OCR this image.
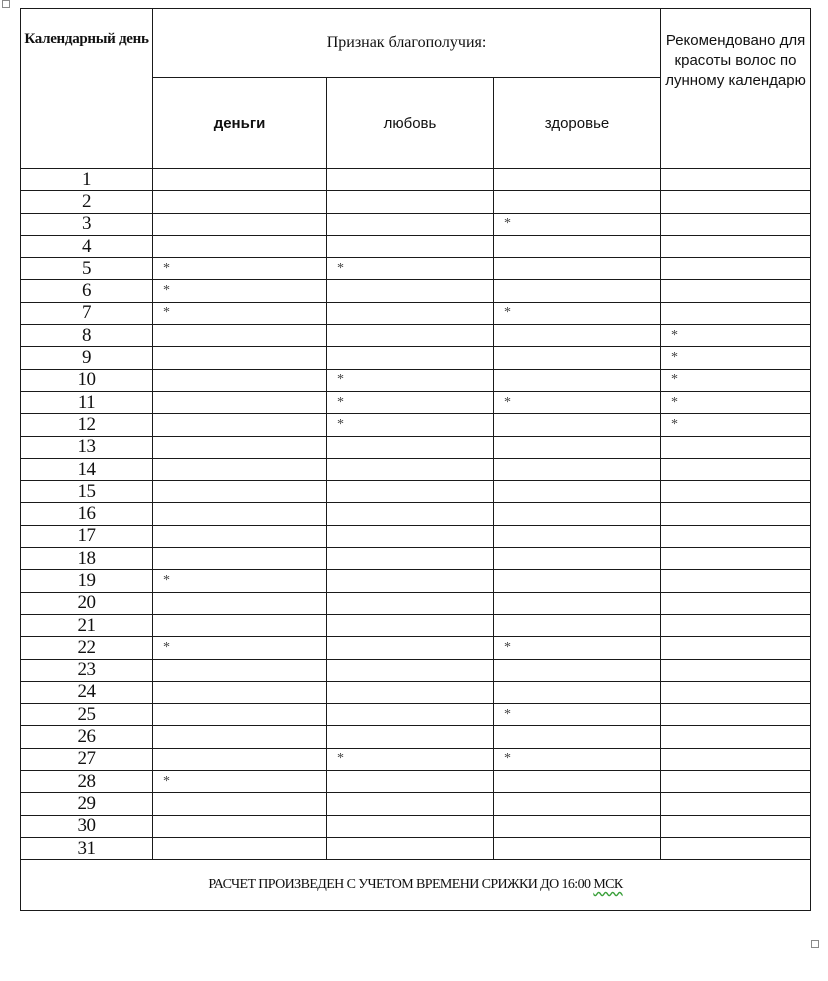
Календарный день	Признак благополучия:			Рекомендовано для красоты волос по лунному календарю
	деньги	любовь	здоровье	
1				
2				
3			*	
4				
5	*	*		
6	*			
7	*		*	
8				*
9				*
10		*		*
11		*	*	*
12		*		*
13				
14				
15				
16				
17				
18				
19	*			
20				
21				
22	*		*	
23				
24				
25			*	
26				
27		*	*	
28	*			
29				
30				
31				
РАСЧЕТ ПРОИЗВЕДЕН С УЧЕТОМ ВРЕМЕНИ СРИЖКИ ДО 16:00 МСК				
